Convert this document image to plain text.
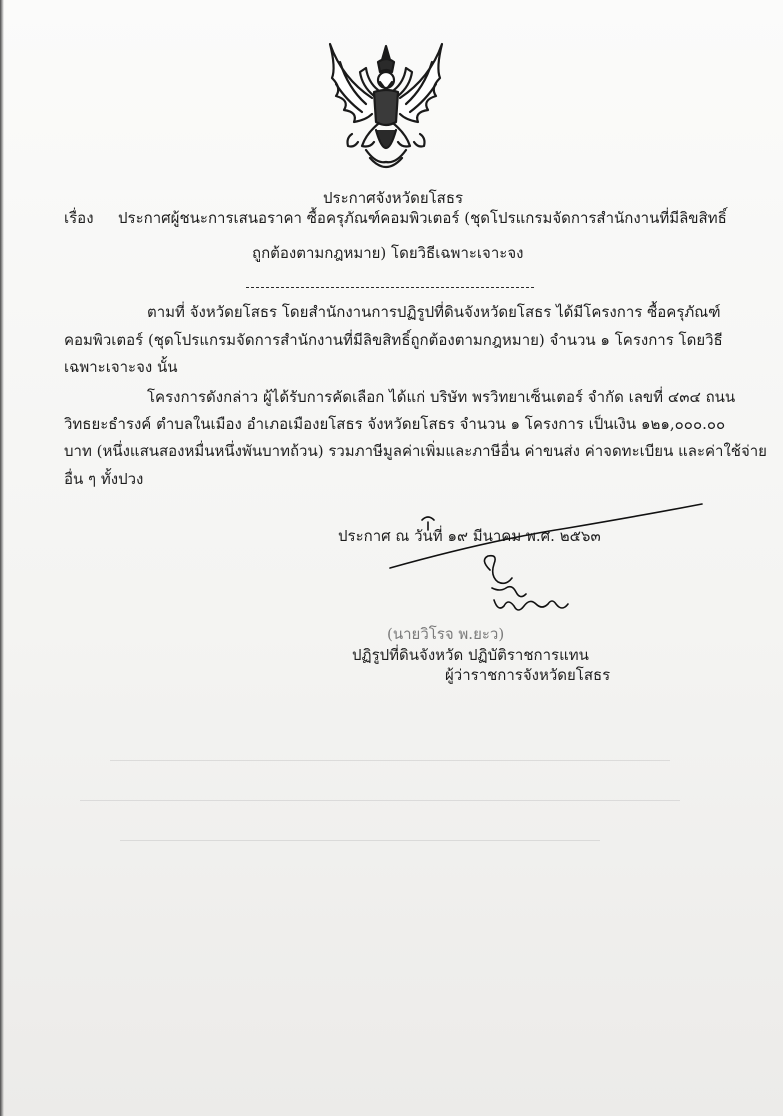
ประกาศจังหวัดยโสธร
เรื่อง ประกาศผู้ชนะการเสนอราคา ซื้อครุภัณฑ์คอมพิวเตอร์ (ชุดโปรแกรมจัดการสำนักงานที่มีลิขสิทธิ์
ถูกต้องตามกฎหมาย) โดยวิธีเฉพาะเจาะจง
ตามที่ จังหวัดยโสธร โดยสำนักงานการปฏิรูปที่ดินจังหวัดยโสธร ได้มีโครงการ ซื้อครุภัณฑ์
คอมพิวเตอร์ (ชุดโปรแกรมจัดการสำนักงานที่มีลิขสิทธิ์ถูกต้องตามกฎหมาย) จำนวน ๑ โครงการ โดยวิธี
เฉพาะเจาะจง นั้น
โครงการดังกล่าว ผู้ได้รับการคัดเลือก ได้แก่ บริษัท พรวิทยาเซ็นเตอร์ จำกัด เลขที่ ๔๓๔ ถนน
วิทธยะธำรงค์ ตำบลในเมือง อำเภอเมืองยโสธร จังหวัดยโสธร จำนวน ๑ โครงการ เป็นเงิน ๑๒๑,๐๐๐.๐๐
บาท (หนึ่งแสนสองหมื่นหนึ่งพันบาทถ้วน) รวมภาษีมูลค่าเพิ่มและภาษีอื่น ค่าขนส่ง ค่าจดทะเบียน และค่าใช้จ่าย
อื่น ๆ ทั้งปวง
ประกาศ ณ วันที่ ๑๙ มีนาคม พ.ศ. ๒๕๖๓
(นายวิโรจ พ.ยะว)
ปฏิรูปที่ดินจังหวัด ปฏิบัติราชการแทน
ผู้ว่าราชการจังหวัดยโสธร
